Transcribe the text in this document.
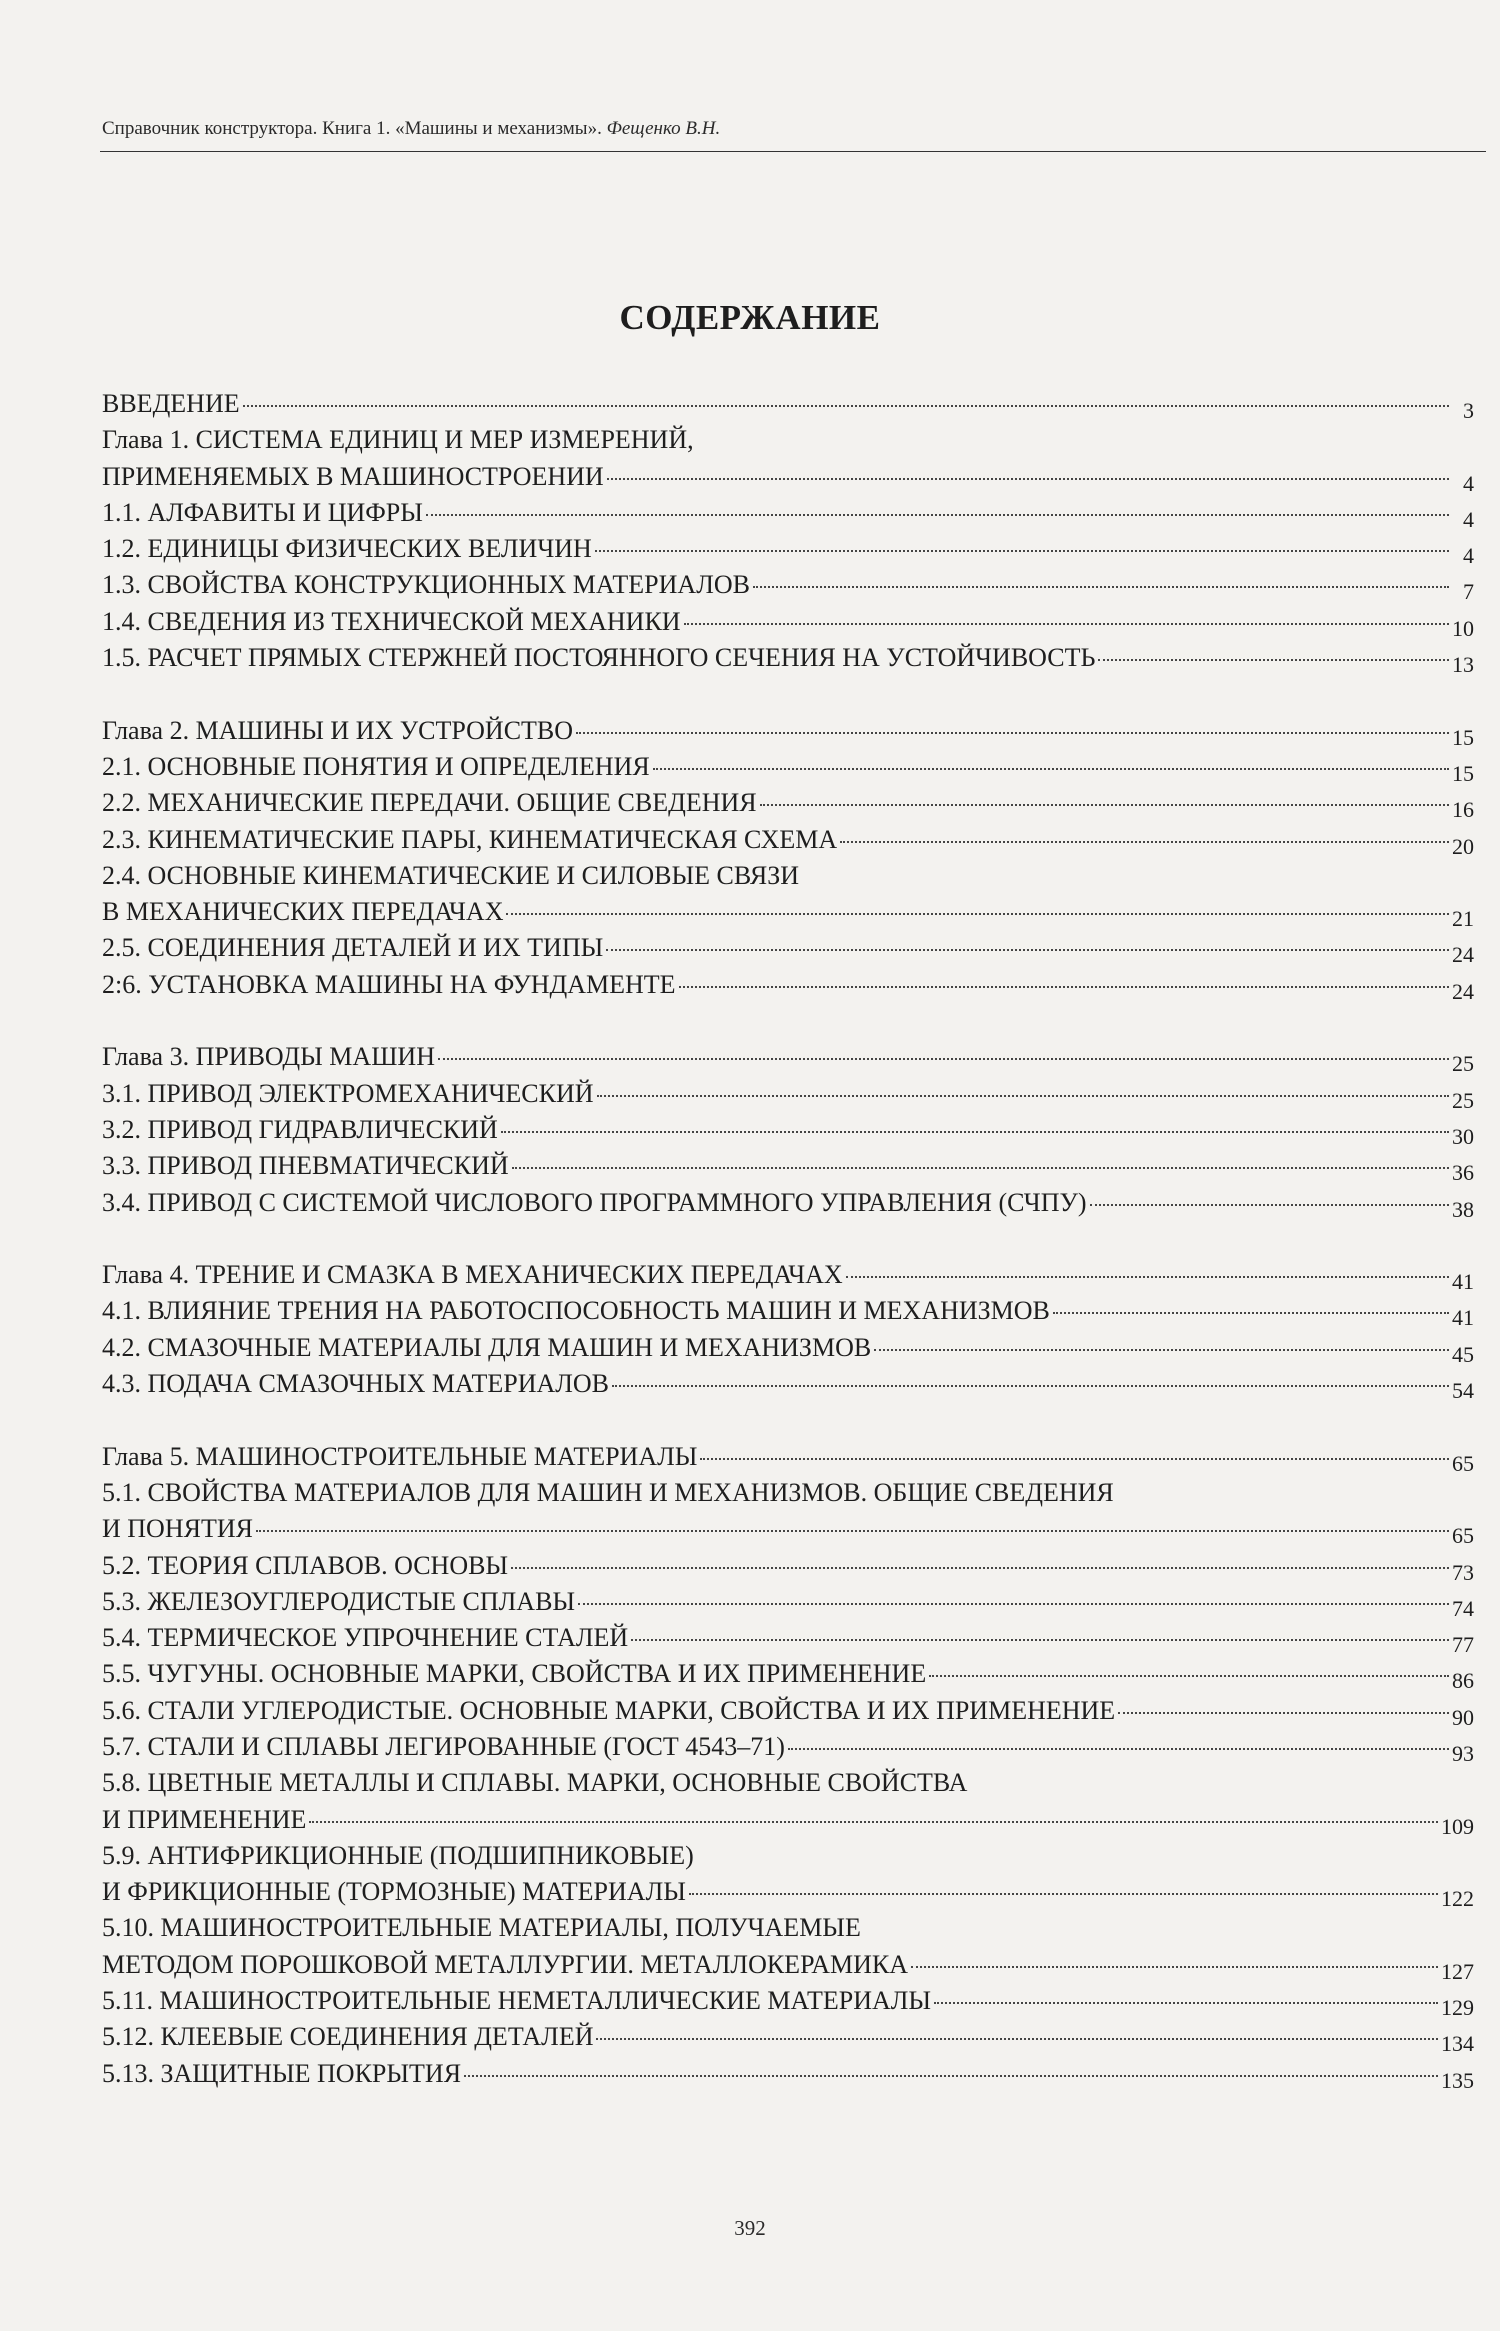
Справочник конструктора. Книга 1. «Машины и механизмы». Фещенко В.Н.
СОДЕРЖАНИЕ
ВВЕДЕНИЕ	3
Глава 1. СИСТЕМА ЕДИНИЦ И МЕР ИЗМЕРЕНИЙ,
ПРИМЕНЯЕМЫХ В МАШИНОСТРОЕНИИ	4
1.1. АЛФАВИТЫ И ЦИФРЫ	4
1.2. ЕДИНИЦЫ ФИЗИЧЕСКИХ ВЕЛИЧИН	4
1.3. СВОЙСТВА КОНСТРУКЦИОННЫХ МАТЕРИАЛОВ	7
1.4. СВЕДЕНИЯ ИЗ ТЕХНИЧЕСКОЙ МЕХАНИКИ	10
1.5. РАСЧЕТ ПРЯМЫХ СТЕРЖНЕЙ ПОСТОЯННОГО СЕЧЕНИЯ НА УСТОЙЧИВОСТЬ	13
Глава 2. МАШИНЫ И ИХ УСТРОЙСТВО	15
2.1. ОСНОВНЫЕ ПОНЯТИЯ И ОПРЕДЕЛЕНИЯ	15
2.2. МЕХАНИЧЕСКИЕ ПЕРЕДАЧИ. ОБЩИЕ СВЕДЕНИЯ	16
2.3. КИНЕМАТИЧЕСКИЕ ПАРЫ, КИНЕМАТИЧЕСКАЯ СХЕМА	20
2.4. ОСНОВНЫЕ КИНЕМАТИЧЕСКИЕ И СИЛОВЫЕ СВЯЗИ
В МЕХАНИЧЕСКИХ ПЕРЕДАЧАХ	21
2.5. СОЕДИНЕНИЯ ДЕТАЛЕЙ И ИХ ТИПЫ	24
2:6. УСТАНОВКА МАШИНЫ НА ФУНДАМЕНТЕ	24
Глава 3. ПРИВОДЫ МАШИН	25
3.1. ПРИВОД ЭЛЕКТРОМЕХАНИЧЕСКИЙ	25
3.2. ПРИВОД ГИДРАВЛИЧЕСКИЙ	30
3.3. ПРИВОД ПНЕВМАТИЧЕСКИЙ	36
3.4. ПРИВОД С СИСТЕМОЙ ЧИСЛОВОГО ПРОГРАММНОГО УПРАВЛЕНИЯ (СЧПУ)	38
Глава 4. ТРЕНИЕ И СМАЗКА В МЕХАНИЧЕСКИХ ПЕРЕДАЧАХ	41
4.1. ВЛИЯНИЕ ТРЕНИЯ НА РАБОТОСПОСОБНОСТЬ МАШИН И МЕХАНИЗМОВ	41
4.2. СМАЗОЧНЫЕ МАТЕРИАЛЫ ДЛЯ МАШИН И МЕХАНИЗМОВ	45
4.3. ПОДАЧА СМАЗОЧНЫХ МАТЕРИАЛОВ	54
Глава 5. МАШИНОСТРОИТЕЛЬНЫЕ МАТЕРИАЛЫ	65
5.1. СВОЙСТВА МАТЕРИАЛОВ ДЛЯ МАШИН И МЕХАНИЗМОВ. ОБЩИЕ СВЕДЕНИЯ
И ПОНЯТИЯ	65
5.2. ТЕОРИЯ СПЛАВОВ. ОСНОВЫ	73
5.3. ЖЕЛЕЗОУГЛЕРОДИСТЫЕ СПЛАВЫ	74
5.4. ТЕРМИЧЕСКОЕ УПРОЧНЕНИЕ СТАЛЕЙ	77
5.5. ЧУГУНЫ. ОСНОВНЫЕ МАРКИ, СВОЙСТВА И ИХ ПРИМЕНЕНИЕ	86
5.6. СТАЛИ УГЛЕРОДИСТЫЕ. ОСНОВНЫЕ МАРКИ, СВОЙСТВА И ИХ ПРИМЕНЕНИЕ	90
5.7. СТАЛИ И СПЛАВЫ ЛЕГИРОВАННЫЕ (ГОСТ 4543–71)	93
5.8. ЦВЕТНЫЕ МЕТАЛЛЫ И СПЛАВЫ. МАРКИ, ОСНОВНЫЕ СВОЙСТВА
И ПРИМЕНЕНИЕ	109
5.9. АНТИФРИКЦИОННЫЕ (ПОДШИПНИКОВЫЕ)
И ФРИКЦИОННЫЕ (ТОРМОЗНЫЕ) МАТЕРИАЛЫ	122
5.10. МАШИНОСТРОИТЕЛЬНЫЕ МАТЕРИАЛЫ, ПОЛУЧАЕМЫЕ
МЕТОДОМ ПОРОШКОВОЙ МЕТАЛЛУРГИИ. МЕТАЛЛОКЕРАМИКА	127
5.11. МАШИНОСТРОИТЕЛЬНЫЕ НЕМЕТАЛЛИЧЕСКИЕ МАТЕРИАЛЫ	129
5.12. КЛЕЕВЫЕ СОЕДИНЕНИЯ ДЕТАЛЕЙ	134
5.13. ЗАЩИТНЫЕ ПОКРЫТИЯ	135
392
